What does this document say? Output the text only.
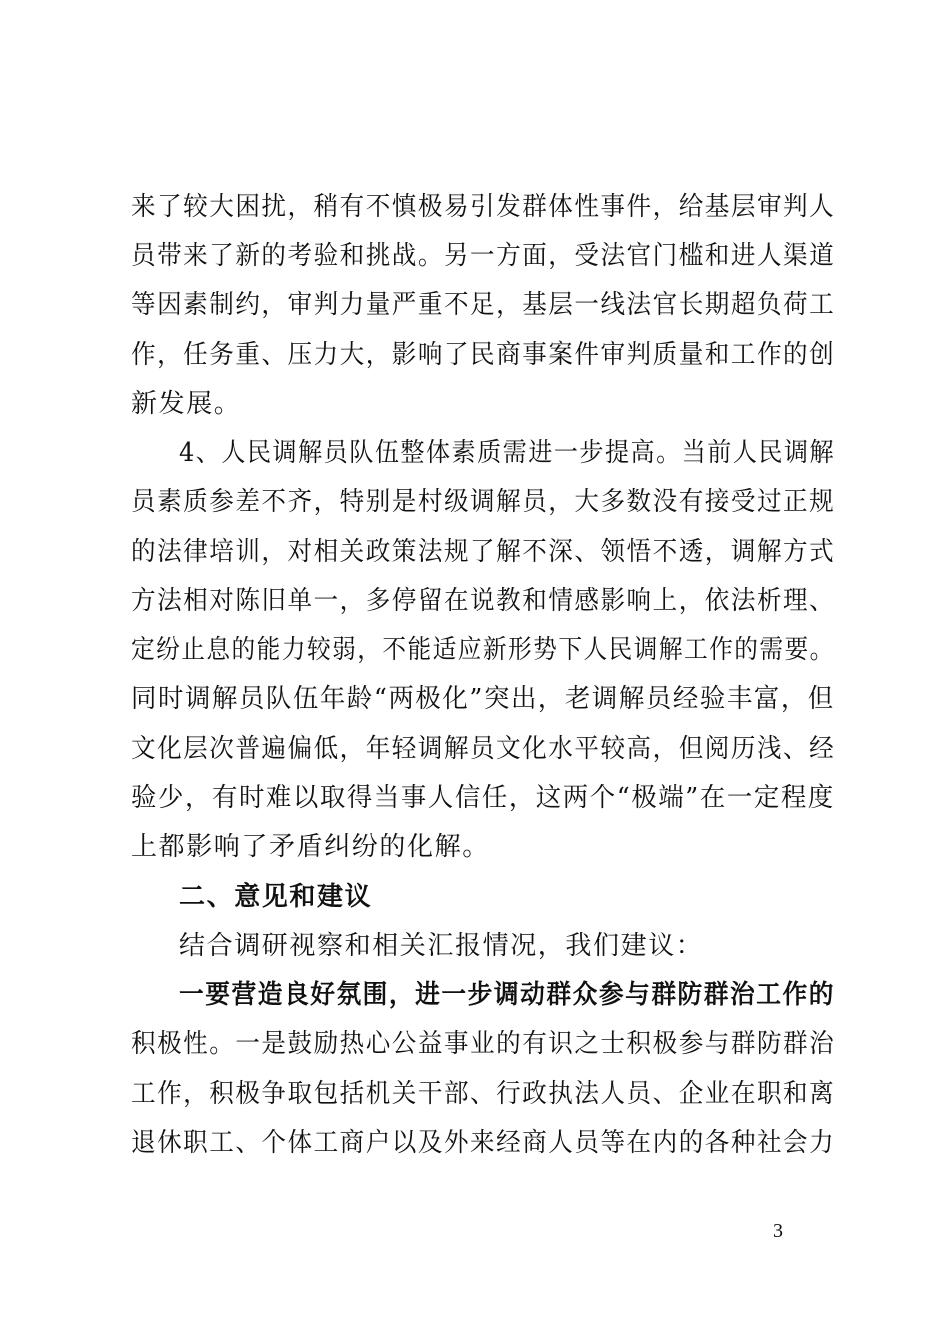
来了较大困扰，稍有不慎极易引发群体性事件，给基层审判人
员带来了新的考验和挑战。另一方面，受法官门槛和进人渠道
等因素制约，审判力量严重不足，基层一线法官长期超负荷工
作，任务重、压力大，影响了民商事案件审判质量和工作的创
新发展。
4、人民调解员队伍整体素质需进一步提高。当前人民调解
员素质参差不齐，特别是村级调解员，大多数没有接受过正规
的法律培训，对相关政策法规了解不深、领悟不透，调解方式
方法相对陈旧单一，多停留在说教和情感影响上，依法析理、
定纷止息的能力较弱，不能适应新形势下人民调解工作的需要。
同时调解员队伍年龄“两极化”突出，老调解员经验丰富，但
文化层次普遍偏低，年轻调解员文化水平较高，但阅历浅、经
验少，有时难以取得当事人信任，这两个“极端”在一定程度
上都影响了矛盾纠纷的化解。
二、意见和建议
结合调研视察和相关汇报情况，我们建议：
一要营造良好氛围，进一步调动群众参与群防群治工作的
积极性。一是鼓励热心公益事业的有识之士积极参与群防群治
工作，积极争取包括机关干部、行政执法人员、企业在职和离
退休职工、个体工商户以及外来经商人员等在内的各种社会力
3
